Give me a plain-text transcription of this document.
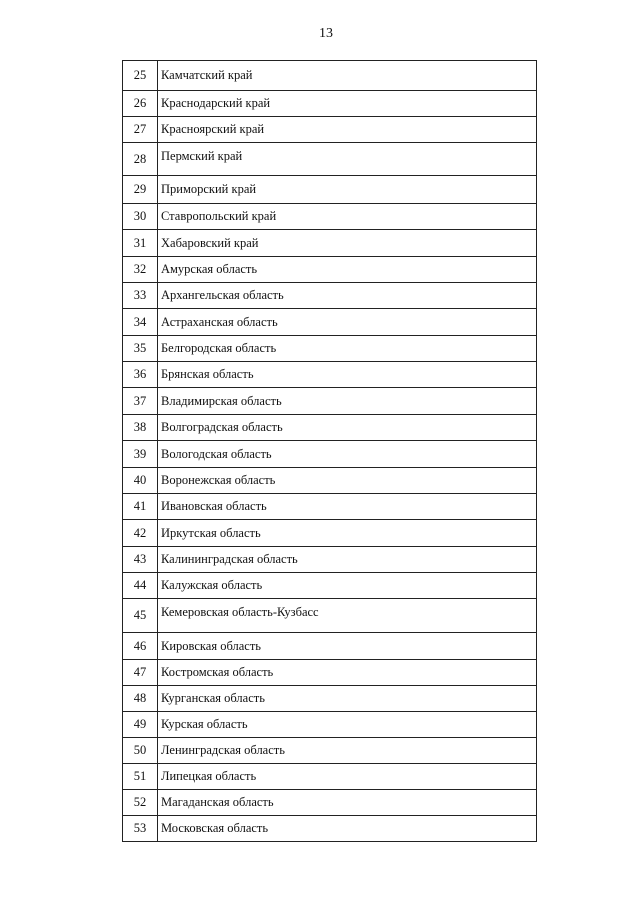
13
25	Камчатский край
26	Краснодарский край
27	Красноярский край
28	Пермский край
29	Приморский край
30	Ставропольский край
31	Хабаровский край
32	Амурская область
33	Архангельская область
34	Астраханская область
35	Белгородская область
36	Брянская область
37	Владимирская область
38	Волгоградская область
39	Вологодская область
40	Воронежская область
41	Ивановская область
42	Иркутская область
43	Калининградская область
44	Калужская область
45	Кемеровская область-Кузбасс
46	Кировская область
47	Костромская область
48	Курганская область
49	Курская область
50	Ленинградская область
51	Липецкая область
52	Магаданская область
53	Московская область
